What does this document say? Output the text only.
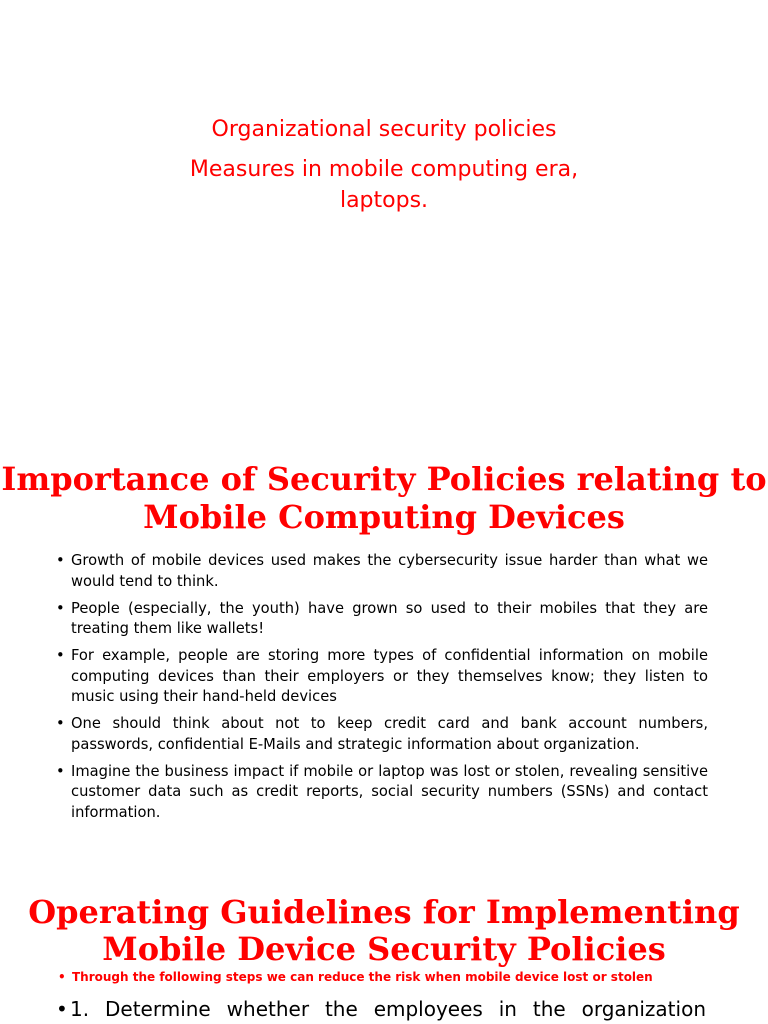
Organizational security policies
Measures in mobile computing era,
laptops.
Importance of Security Policies relating to
Mobile Computing Devices
• Growth of mobile devices used makes the cybersecurity issue harder than what we would tend to think.
• People (especially, the youth) have grown so used to their mobiles that they are treating them like wallets!
• For example, people are storing more types of confidential information on mobile computing devices than their employers or they themselves know; they listen to music using their hand-held devices
• One should think about not to keep credit card and bank account numbers, passwords, confidential E-Mails and strategic information about organization.
• Imagine the business impact if mobile or laptop was lost or stolen, revealing sensitive customer data such as credit reports, social security numbers (SSNs) and contact information.
Operating Guidelines for Implementing
Mobile Device Security Policies
• Through the following steps we can reduce the risk when mobile device lost or stolen
• 1. Determine whether the employees in the organization
